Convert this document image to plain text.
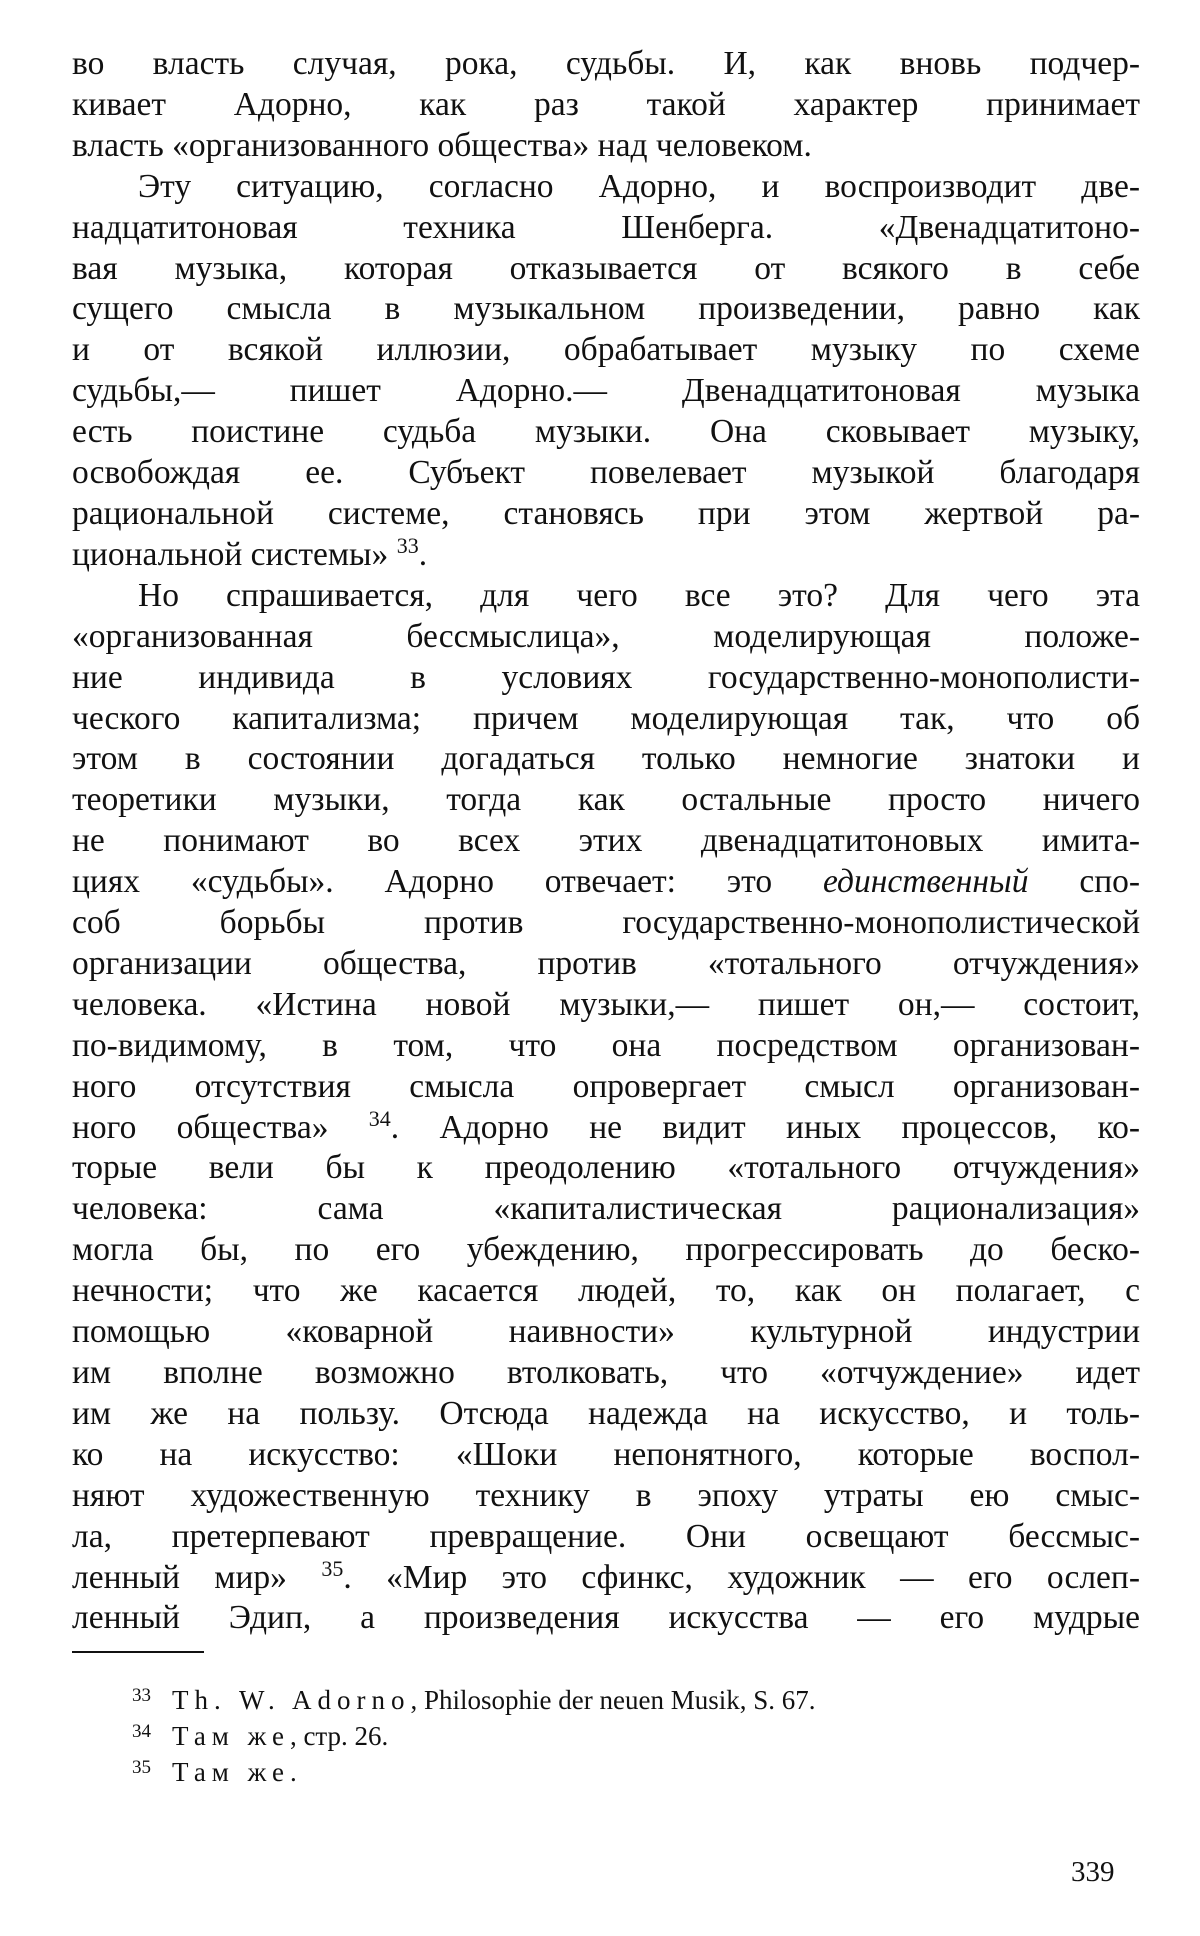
во власть случая, рока, судьбы. И, как вновь подчер-
кивает Адорно, как раз такой характер принимает
власть «организованного общества» над человеком.

Эту ситуацию, согласно Адорно, и воспроизводит две-
надцатитоновая техника Шенберга. «Двенадцатитоно-
вая музыка, которая отказывается от всякого в себе
сущего смысла в музыкальном произведении, равно как
и от всякой иллюзии, обрабатывает музыку по схеме
судьбы,— пишет Адорно.— Двенадцатитоновая музыка
есть поистине судьба музыки. Она сковывает музыку,
освобождая ее. Субъект повелевает музыкой благодаря
рациональной системе, становясь при этом жертвой ра-
циональной системы» $^{33}$.

Но спрашивается, для чего все это? Для чего эта
«организованная бессмыслица», моделирующая положе-
ние индивида в условиях государственно-монополисти-
ческого капитализма; причем моделирующая так, что об
этом в состоянии догадаться только немногие знатоки и
теоретики музыки, тогда как остальные просто ничего
не понимают во всех этих двенадцатитоновых имита-
циях «судьбы». Адорно отвечает: это единственный спо-
соб борьбы против государственно-монополистической
организации общества, против «тотального отчуждения»
человека. «Истина новой музыки,— пишет он,— состоит,
по-видимому, в том, что она посредством организован-
ного отсутствия смысла опровергает смысл организован-
ного общества» $^{34}$. Адорно не видит иных процессов, ко-
торые вели бы к преодолению «тотального отчуждения»
человека: сама «капиталистическая рационализация»
могла бы, по его убеждению, прогрессировать до беско-
нечности; что же касается людей, то, как он полагает, с
помощью «коварной наивности» культурной индустрии
им вполне возможно втолковать, что «отчуждение» идет
им же на пользу. Отсюда надежда на искусство, и толь-
ко на искусство: «Шоки непонятного, которые воспол-
няют художественную технику в эпоху утраты ею смыс-
ла, претерпевают превращение. Они освещают бессмыс-
ленный мир» $^{35}$. «Мир это сфинкс, художник — его ослеп-
ленный Эдип, а произведения искусства — его мудрые

33 Th. W. Adorno, Philosophie der neuen Musik, S. 67.
34 Там же, стр. 26.
35 Там же.
339
